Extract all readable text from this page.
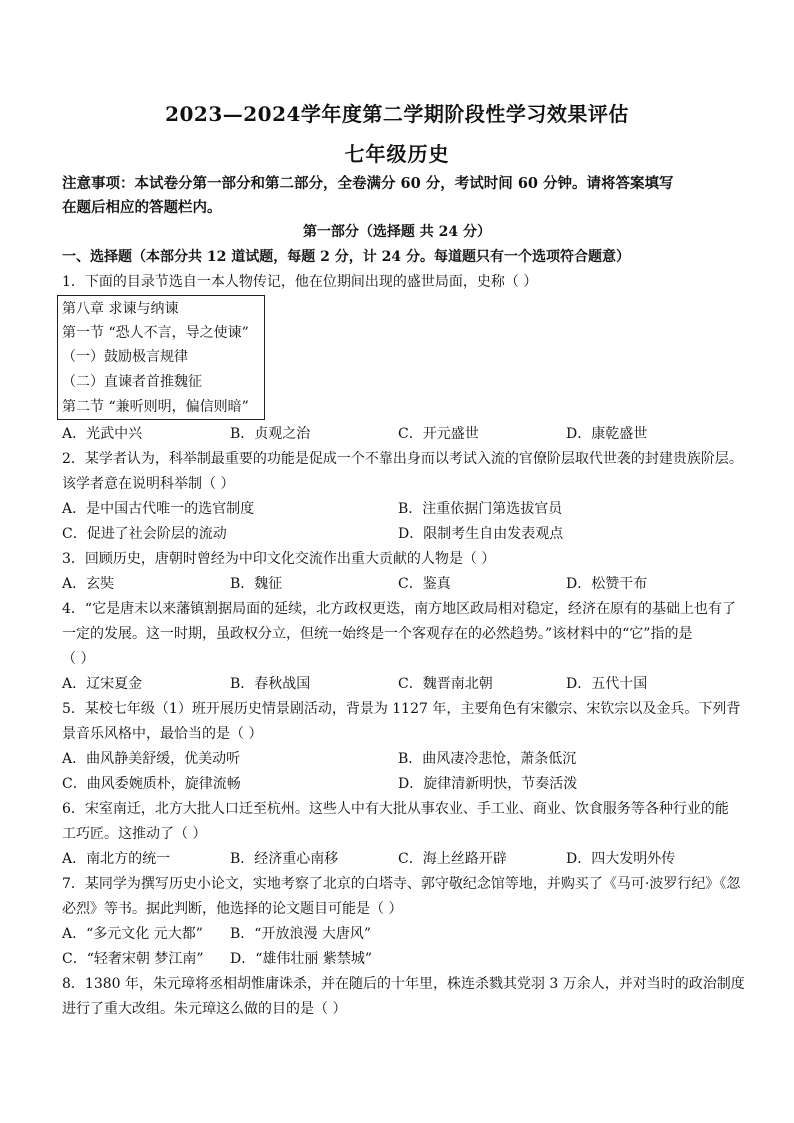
2023—2024学年度第二学期阶段性学习效果评估
七年级历史
注意事项：本试卷分第一部分和第二部分，全卷满分 60 分，考试时间 60 分钟。请将答案填写
在题后相应的答题栏内。
第一部分（选择题 共 24 分）
一、选择题（本部分共 12 道试题，每题 2 分，计 24 分。每道题只有一个选项符合题意）
1．下面的目录节选自一本人物传记，他在位期间出现的盛世局面，史称（ ）
第八章 求谏与纳谏
第一节 “恐人不言，导之使谏”
（一）鼓励极言规律
（二）直谏者首推魏征
第二节 “兼听则明，偏信则暗”
A．光武中兴	B．贞观之治	C．开元盛世	D．康乾盛世
2．某学者认为，科举制最重要的功能是促成一个不靠出身而以考试入流的官僚阶层取代世袭的封建贵族阶层。
该学者意在说明科举制（ ）
A．是中国古代唯一的选官制度	B．注重依据门第选拔官员
C．促进了社会阶层的流动	D．限制考生自由发表观点
3．回顾历史，唐朝时曾经为中印文化交流作出重大贡献的人物是（ ）
A．玄奘	B．魏征	C．鉴真	D．松赞干布
4．“它是唐末以来藩镇割据局面的延续，北方政权更迭，南方地区政局相对稳定，经济在原有的基础上也有了
一定的发展。这一时期，虽政权分立，但统一始终是一个客观存在的必然趋势。”该材料中的“它”指的是
（ ）
A．辽宋夏金	B．春秋战国	C．魏晋南北朝	D．五代十国
5．某校七年级（1）班开展历史情景剧活动，背景为 1127 年，主要角色有宋徽宗、宋钦宗以及金兵。下列背
景音乐风格中，最恰当的是（ ）
A．曲风静美舒缓，优美动听	B．曲风凄冷悲怆，萧条低沉
C．曲风委婉质朴，旋律流畅	D．旋律清新明快，节奏活泼
6．宋室南迁，北方大批人口迁至杭州。这些人中有大批从事农业、手工业、商业、饮食服务等各种行业的能
工巧匠。这推动了（ ）
A．南北方的统一	B．经济重心南移	C．海上丝路开辟	D．四大发明外传
7．某同学为撰写历史小论文，实地考察了北京的白塔寺、郭守敬纪念馆等地，并购买了《马可·波罗行纪》《忽
必烈》等书。据此判断，他选择的论文题目可能是（ ）
A．“多元文化 元大都” B．“开放浪漫 大唐风”
C．“轻奢宋朝 梦江南” D．“雄伟壮丽 紫禁城”
8．1380 年，朱元璋将丞相胡惟庸诛杀，并在随后的十年里，株连杀戮其党羽 3 万余人，并对当时的政治制度
进行了重大改组。朱元璋这么做的目的是（ ）
